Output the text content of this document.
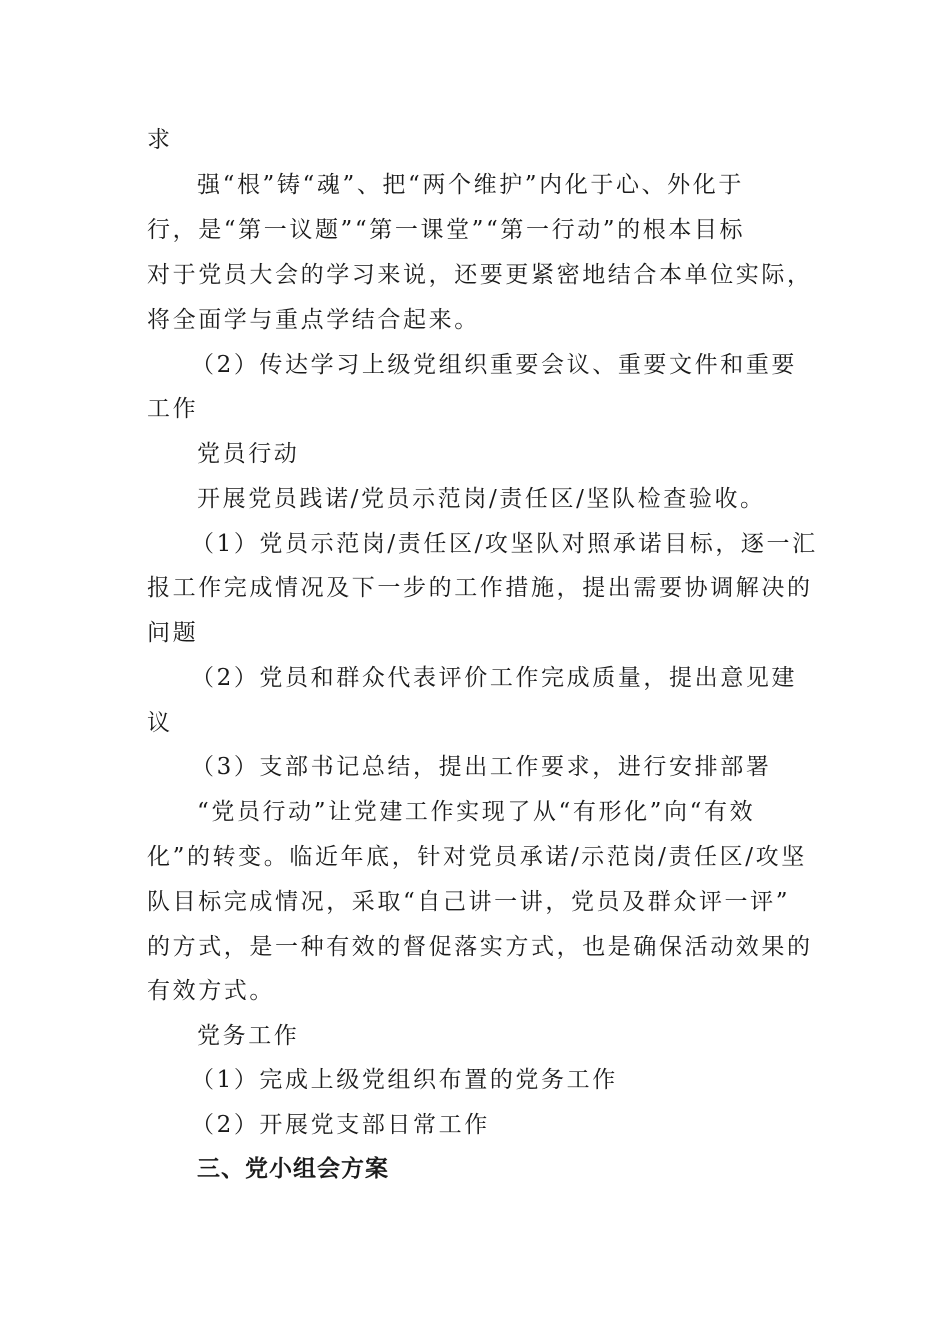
求
强“根”铸“魂”、把“两个维护”内化于心、外化于
行，是“第一议题”“第一课堂”“第一行动”的根本目标
对于党员大会的学习来说，还要更紧密地结合本单位实际，
将全面学与重点学结合起来。
（2）传达学习上级党组织重要会议、重要文件和重要
工作
党员行动
开展党员践诺/党员示范岗/责任区/坚队检查验收。
（1）党员示范岗/责任区/攻坚队对照承诺目标，逐一汇
报工作完成情况及下一步的工作措施，提出需要协调解决的
问题
（2）党员和群众代表评价工作完成质量，提出意见建
议
（3）支部书记总结，提出工作要求，进行安排部署
“党员行动”让党建工作实现了从“有形化”向“有效
化”的转变。临近年底，针对党员承诺/示范岗/责任区/攻坚
队目标完成情况，采取“自己讲一讲，党员及群众评一评”
的方式，是一种有效的督促落实方式，也是确保活动效果的
有效方式。
党务工作
（1）完成上级党组织布置的党务工作
（2）开展党支部日常工作
三、党小组会方案
